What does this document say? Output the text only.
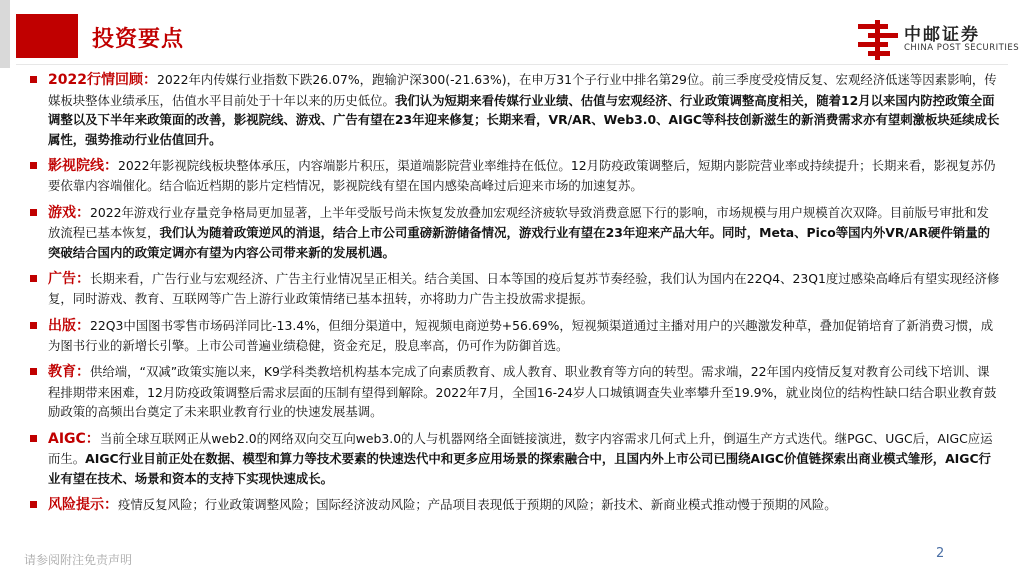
投资要点	中邮证券
CHINA POST SECURITIES
2022行情回顾：2022年内传媒行业指数下跌26.07%，跑输沪深300(-21.63%)，在申万31个子行业中排名第29位。前三季度受疫情反复、宏观经济低迷等因素影响，传媒板块整体业绩承压，估值水平目前处于十年以来的历史低位。我们认为短期来看传媒行业业绩、估值与宏观经济、行业政策调整高度相关，随着12月以来国内防控政策全面调整以及下半年来政策面的改善，影视院线、游戏、广告有望在23年迎来修复；长期来看，VR/AR、Web3.0、AIGC等科技创新滋生的新消费需求亦有望刺激板块延续成长属性，强势推动行业估值回升。
影视院线：2022年影视院线板块整体承压，内容端影片积压，渠道端影院营业率维持在低位。12月防疫政策调整后，短期内影院营业率或持续提升；长期来看，影视复苏仍要依靠内容端催化。结合临近档期的影片定档情况，影视院线有望在国内感染高峰过后迎来市场的加速复苏。
游戏：2022年游戏行业存量竞争格局更加显著，上半年受版号尚未恢复发放叠加宏观经济疲软导致消费意愿下行的影响，市场规模与用户规模首次双降。目前版号审批和发放流程已基本恢复，我们认为随着政策逆风的消退，结合上市公司重磅新游储备情况，游戏行业有望在23年迎来产品大年。同时，Meta、Pico等国内外VR/AR硬件销量的突破结合国内的政策定调亦有望为内容公司带来新的发展机遇。
广告：长期来看，广告行业与宏观经济、广告主行业情况呈正相关。结合美国、日本等国的疫后复苏节奏经验，我们认为国内在22Q4、23Q1度过感染高峰后有望实现经济修复，同时游戏、教育、互联网等广告上游行业政策情绪已基本扭转，亦将助力广告主投放需求提振。
出版：22Q3中国图书零售市场码洋同比-13.4%，但细分渠道中，短视频电商逆势+56.69%，短视频渠道通过主播对用户的兴趣激发种草，叠加促销培育了新消费习惯，成为图书行业的新增长引擎。上市公司普遍业绩稳健，资金充足，股息率高，仍可作为防御首选。
教育：供给端，“双减”政策实施以来，K9学科类教培机构基本完成了向素质教育、成人教育、职业教育等方向的转型。需求端，22年国内疫情反复对教育公司线下培训、课程排期带来困难，12月防疫政策调整后需求层面的压制有望得到解除。2022年7月，全国16-24岁人口城镇调查失业率攀升至19.9%，就业岗位的结构性缺口结合职业教育鼓励政策的高频出台奠定了未来职业教育行业的快速发展基调。
AIGC：当前全球互联网正从web2.0的网络双向交互向web3.0的人与机器网络全面链接演进，数字内容需求几何式上升，倒逼生产方式迭代。继PGC、UGC后，AIGC应运而生。AIGC行业目前正处在数据、模型和算力等技术要素的快速迭代中和更多应用场景的探索融合中，且国内外上市公司已围绕AIGC价值链探索出商业模式雏形，AIGC行业有望在技术、场景和资本的支持下实现快速成长。
风险提示：疫情反复风险；行业政策调整风险；国际经济波动风险；产品项目表现低于预期的风险；新技术、新商业模式推动慢于预期的风险。
请参阅附注免责声明	2
